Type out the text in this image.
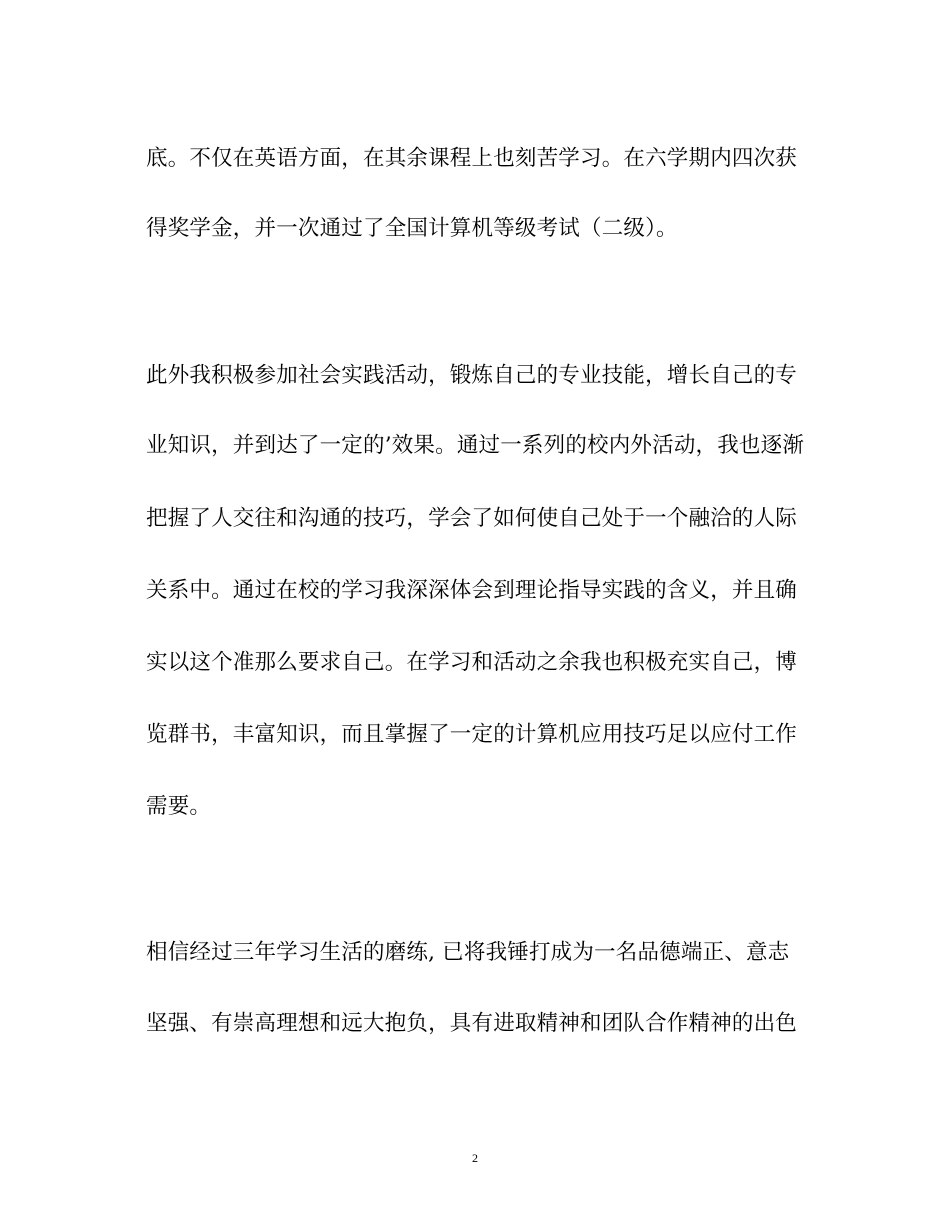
底。不仅在英语方面，在其余课程上也刻苦学习。在六学期内四次获
得奖学金，并一次通过了全国计算机等级考试（二级）。
此外我积极参加社会实践活动，锻炼自己的专业技能，增长自己的专
业知识，并到达了一定的’效果。通过一系列的校内外活动，我也逐渐
把握了人交往和沟通的技巧，学会了如何使自己处于一个融洽的人际
关系中。通过在校的学习我深深体会到理论指导实践的含义，并且确
实以这个准那么要求自己。在学习和活动之余我也积极充实自己，博
览群书，丰富知识，而且掌握了一定的计算机应用技巧足以应付工作
需要。
相信经过三年学习生活的磨练, 已将我锤打成为一名品德端正、意志
坚强、有崇高理想和远大抱负，具有进取精神和团队合作精神的出色
2
